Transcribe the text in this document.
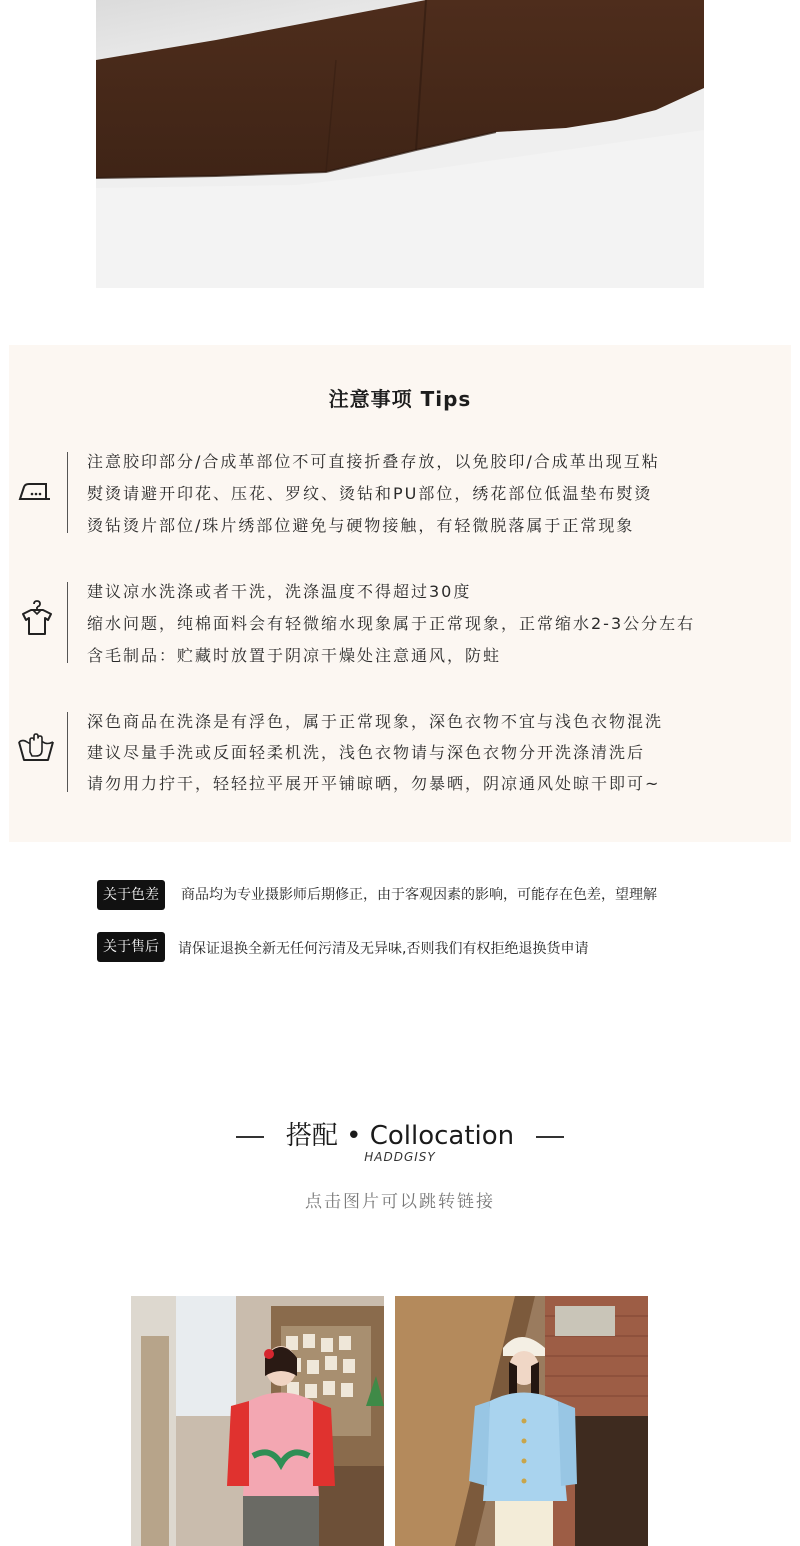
注意事项 Tips
注意胶印部分/合成革部位不可直接折叠存放，以免胶印/合成革出现互粘
熨烫请避开印花、压花、罗纹、烫钻和PU部位，绣花部位低温垫布熨烫
烫钻烫片部位/珠片绣部位避免与硬物接触，有轻微脱落属于正常现象
建议凉水洗涤或者干洗，洗涤温度不得超过30度
缩水问题，纯棉面料会有轻微缩水现象属于正常现象，正常缩水2-3公分左右
含毛制品：贮藏时放置于阴凉干燥处注意通风，防蛀
深色商品在洗涤是有浮色，属于正常现象，深色衣物不宜与浅色衣物混洗
建议尽量手洗或反面轻柔机洗，浅色衣物请与深色衣物分开洗涤清洗后
请勿用力拧干，轻轻拉平展开平铺晾晒，勿暴晒，阴凉通风处晾干即可~
关于色差	商品均为专业摄影师后期修正，由于客观因素的影响，可能存在色差，望理解
关于售后	请保证退换全新无任何污清及无异味,否则我们有权拒绝退换货申请
搭配 • Collocation
HADDGISY
点击图片可以跳转链接
